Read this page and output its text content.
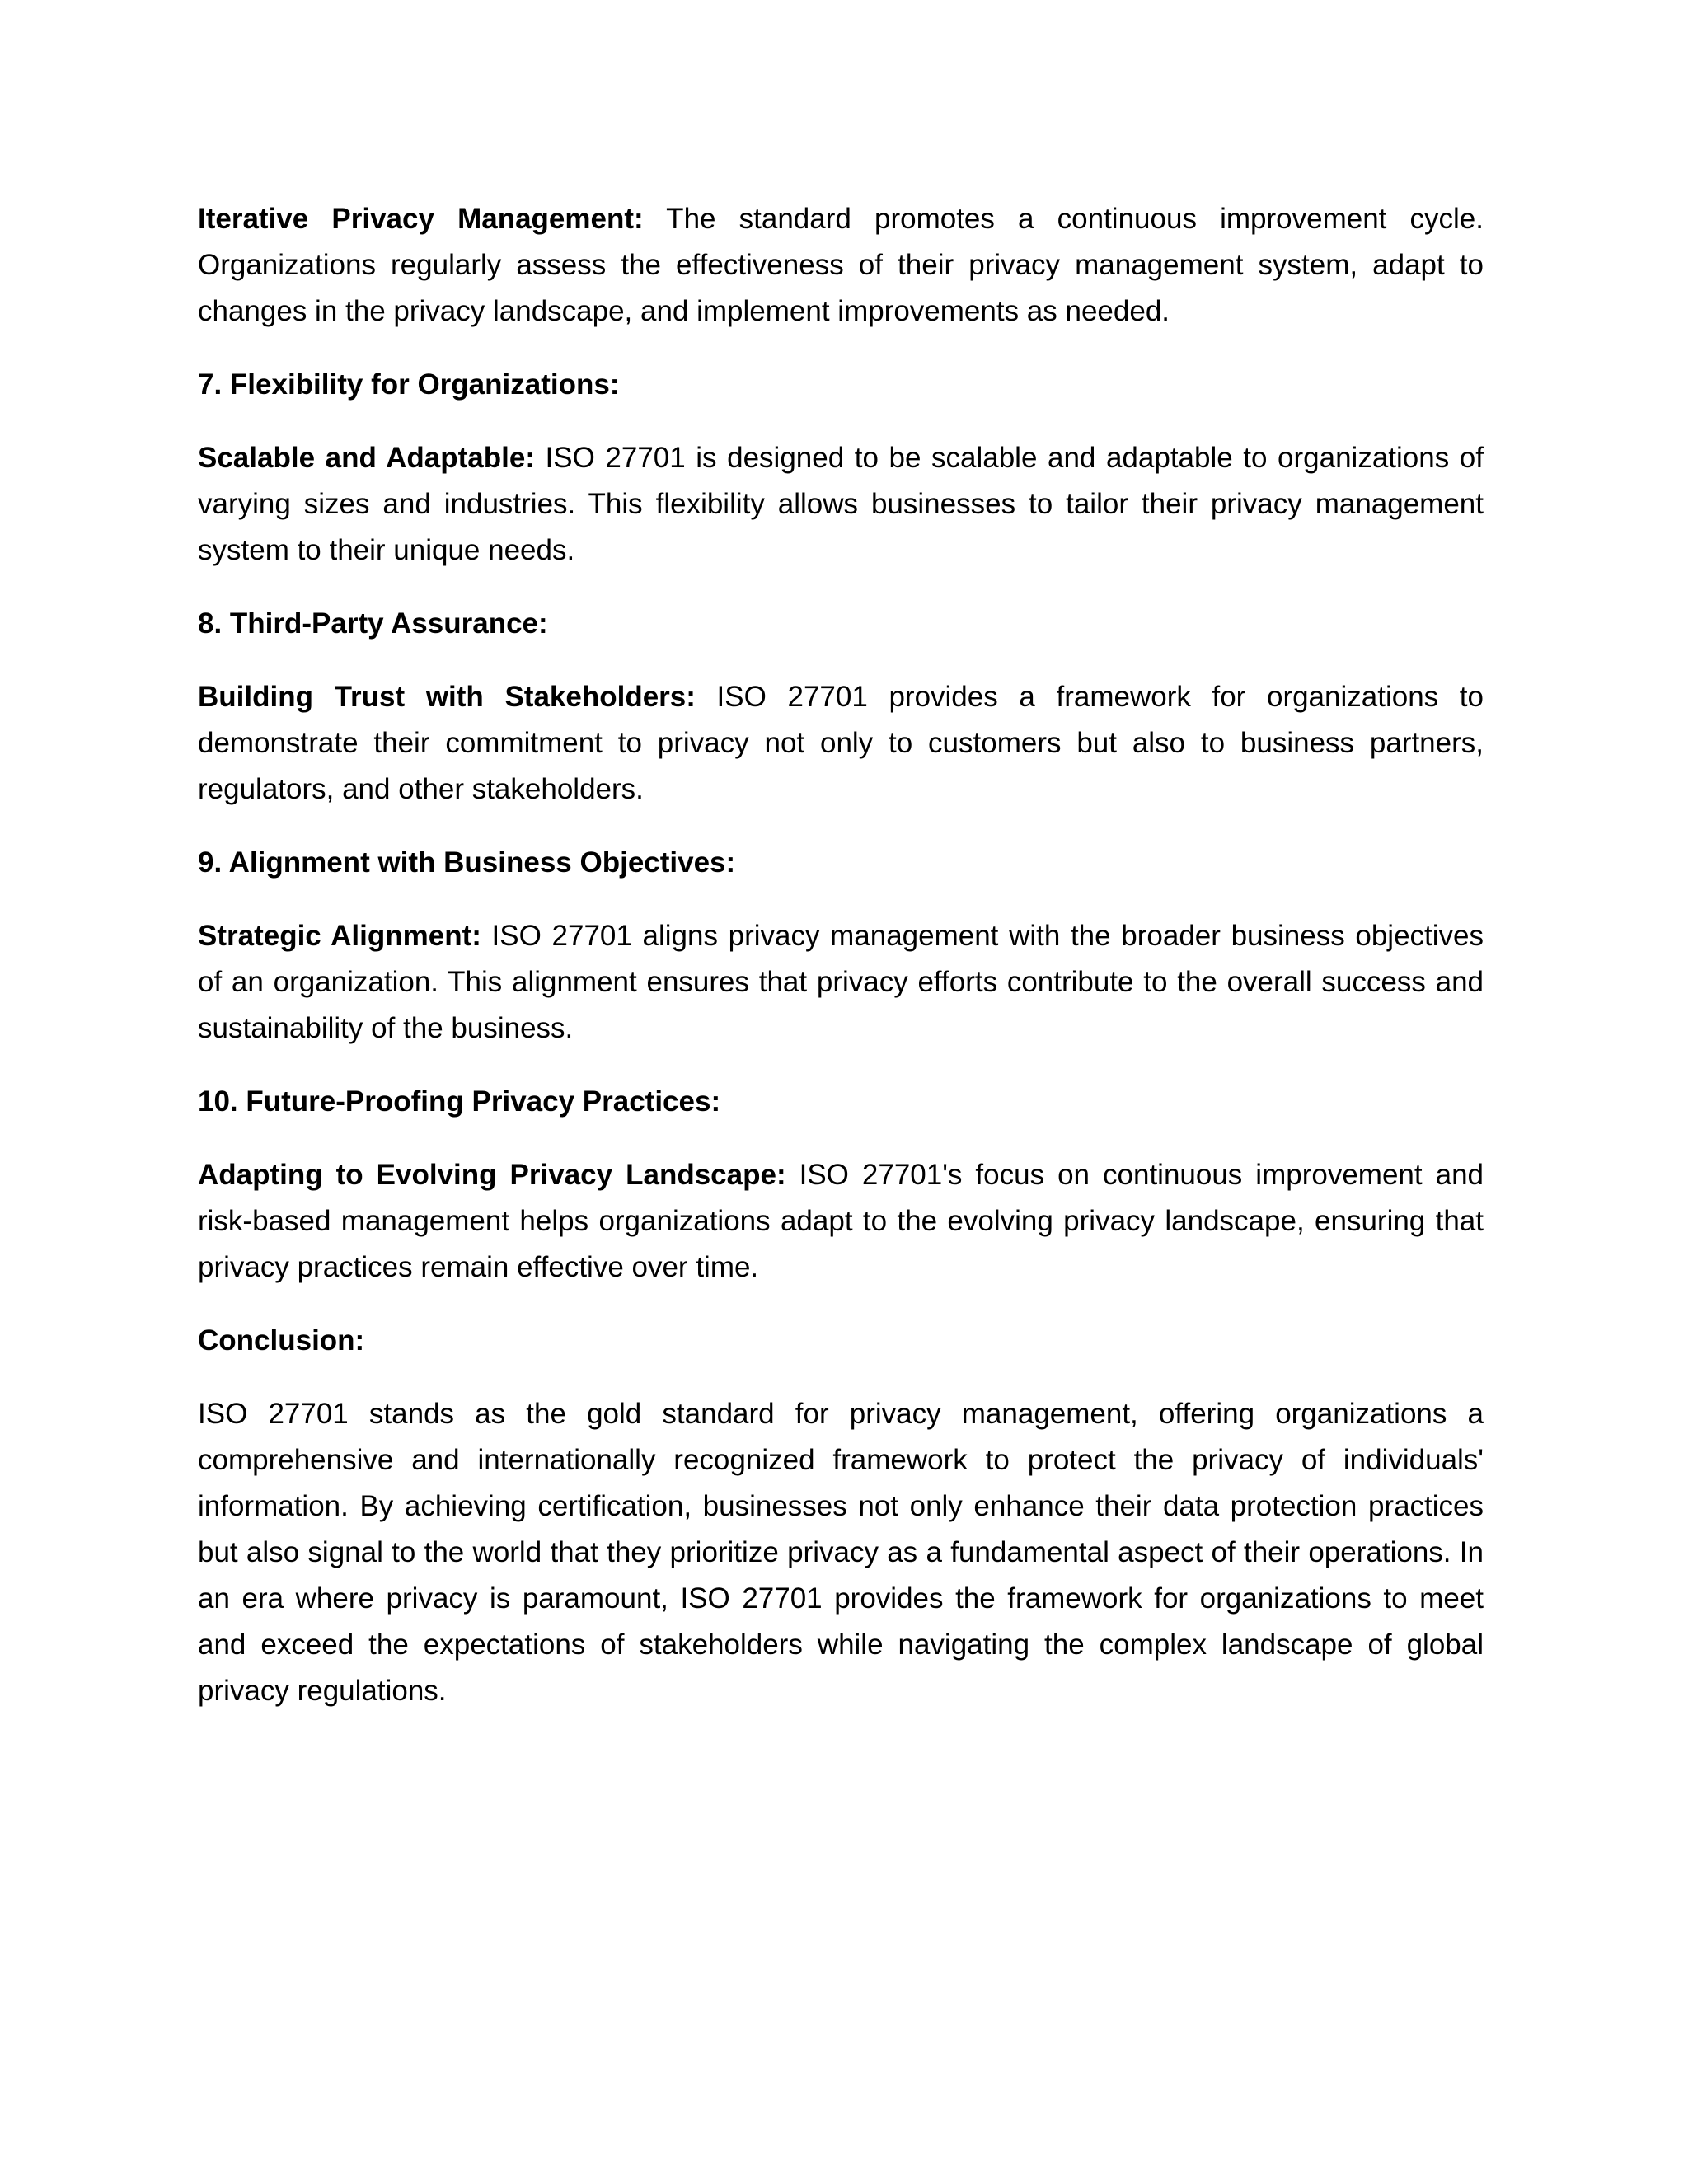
Iterative Privacy Management: The standard promotes a continuous improvement cycle. Organizations regularly assess the effectiveness of their privacy management system, adapt to changes in the privacy landscape, and implement improvements as needed.

7. Flexibility for Organizations:

Scalable and Adaptable: ISO 27701 is designed to be scalable and adaptable to organizations of varying sizes and industries. This flexibility allows businesses to tailor their privacy management system to their unique needs.

8. Third-Party Assurance:

Building Trust with Stakeholders: ISO 27701 provides a framework for organizations to demonstrate their commitment to privacy not only to customers but also to business partners, regulators, and other stakeholders.

9. Alignment with Business Objectives:

Strategic Alignment: ISO 27701 aligns privacy management with the broader business objectives of an organization. This alignment ensures that privacy efforts contribute to the overall success and sustainability of the business.

10. Future-Proofing Privacy Practices:

Adapting to Evolving Privacy Landscape: ISO 27701's focus on continuous improvement and risk-based management helps organizations adapt to the evolving privacy landscape, ensuring that privacy practices remain effective over time.

Conclusion:

ISO 27701 stands as the gold standard for privacy management, offering organizations a comprehensive and internationally recognized framework to protect the privacy of individuals' information. By achieving certification, businesses not only enhance their data protection practices but also signal to the world that they prioritize privacy as a fundamental aspect of their operations. In an era where privacy is paramount, ISO 27701 provides the framework for organizations to meet and exceed the expectations of stakeholders while navigating the complex landscape of global privacy regulations.
